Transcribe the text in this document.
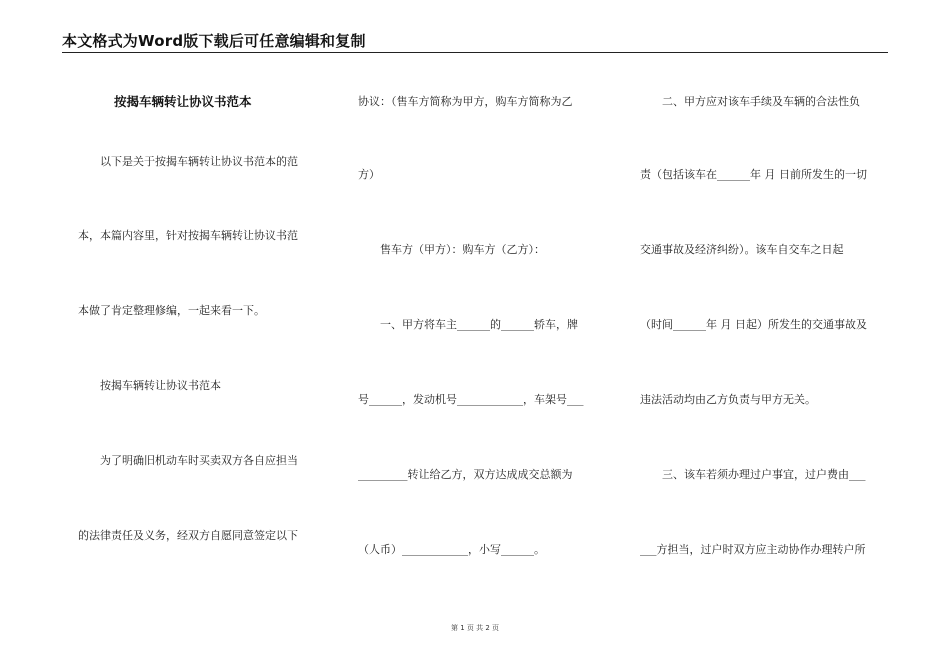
本文格式为Word版下载后可任意编辑和复制
按揭车辆转让协议书范本
以下是关于按揭车辆转让协议书范本的范
本，本篇内容里，针对按揭车辆转让协议书范
本做了肯定整理修编，一起来看一下。
按揭车辆转让协议书范本
为了明确旧机动车时买卖双方各自应担当
的法律责任及义务，经双方自愿同意签定以下
协议：（售车方简称为甲方，购车方简称为乙
方）
售车方（甲方）：购车方（乙方）：
一、甲方将车主______的______轿车，牌
号______，发动机号____________，车架号___
_________转让给乙方，双方达成成交总额为
（人币）____________，小写______。
二、甲方应对该车手续及车辆的合法性负
责（包括该车在______年 月 日前所发生的一切
交通事故及经济纠纷）。该车自交车之日起
（时间______年 月 日起）所发生的交通事故及
违法活动均由乙方负责与甲方无关。
三、该车若须办理过户事宜，过户费由___
___方担当，过户时双方应主动协作办理转户所
第 1 页 共 2 页
